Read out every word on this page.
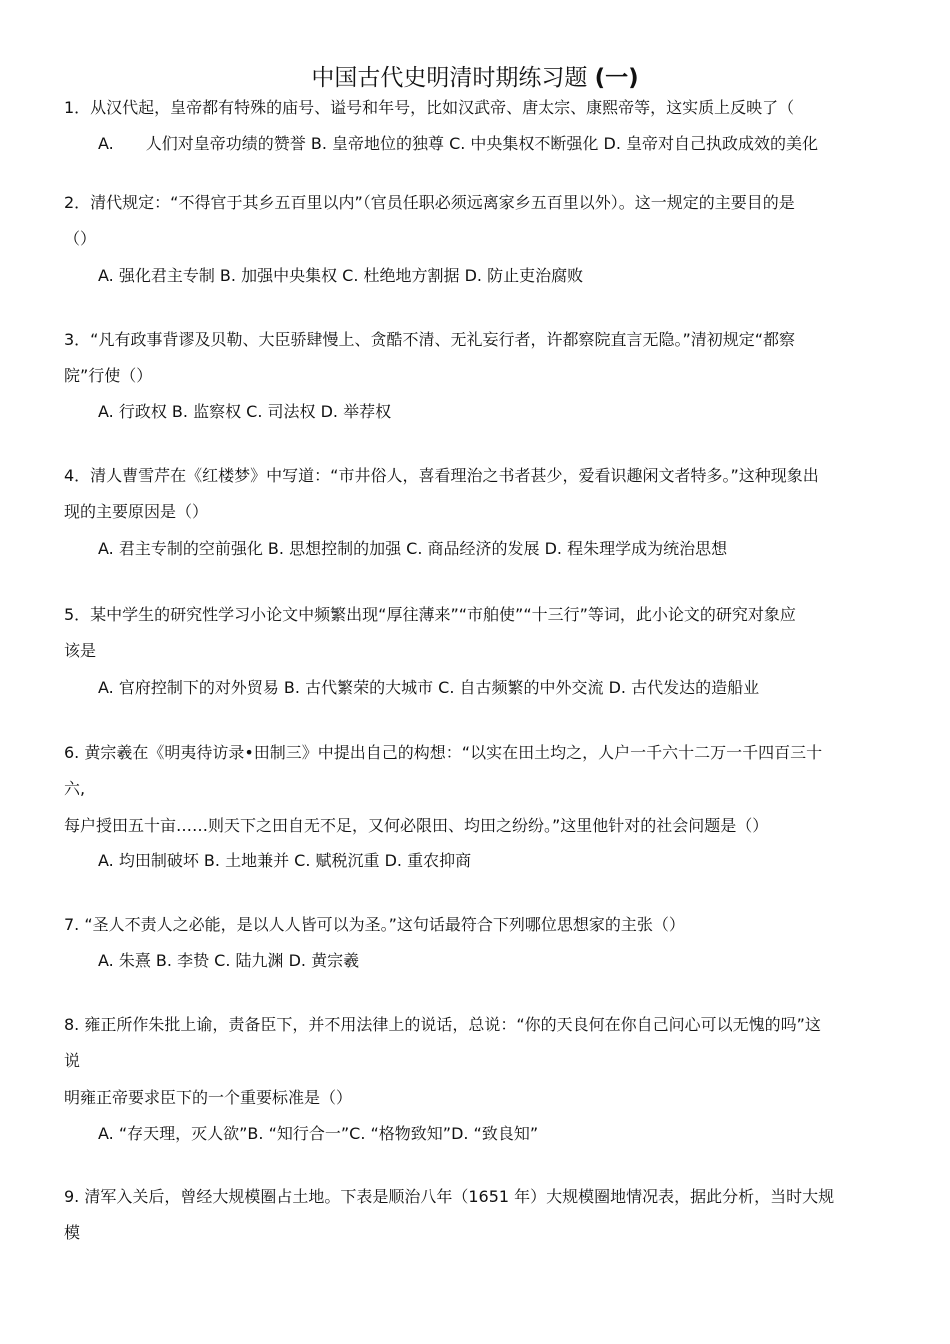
中国古代史明清时期练习题 (一)
1．从汉代起，皇帝都有特殊的庙号、谥号和年号，比如汉武帝、唐太宗、康熙帝等，这实质上反映了（
A.　　人们对皇帝功绩的赞誉 B. 皇帝地位的独尊 C. 中央集权不断强化 D. 皇帝对自己执政成效的美化
2．清代规定：“不得官于其乡五百里以内”（官员任职必须远离家乡五百里以外）。这一规定的主要目的是
（）
A. 强化君主专制 B. 加强中央集权 C. 杜绝地方割据 D. 防止吏治腐败
3．“凡有政事背谬及贝勒、大臣骄肆慢上、贪酷不清、无礼妄行者，许都察院直言无隐。”清初规定“都察
院”行使（）
A. 行政权 B. 监察权 C. 司法权 D. 举荐权
4．清人曹雪芹在《红楼梦》中写道：“市井俗人，喜看理治之书者甚少，爱看识趣闲文者特多。”这种现象出
现的主要原因是（）
A. 君主专制的空前强化 B. 思想控制的加强 C. 商品经济的发展 D. 程朱理学成为统治思想
5．某中学生的研究性学习小论文中频繁出现“厚往薄来”“市舶使”“十三行”等词，此小论文的研究对象应
该是
A. 官府控制下的对外贸易 B. 古代繁荣的大城市 C. 自古频繁的中外交流 D. 古代发达的造船业
6. 黄宗羲在《明夷待访录•田制三》中提出自己的构想：“以实在田土均之，人户一千六十二万一千四百三十
六,
每户授田五十亩……则天下之田自无不足，又何必限田、均田之纷纷。”这里他针对的社会问题是（）
A. 均田制破坏 B. 土地兼并 C. 赋税沉重 D. 重农抑商
7. “圣人不责人之必能，是以人人皆可以为圣。”这句话最符合下列哪位思想家的主张（）
A. 朱熹 B. 李贽 C. 陆九渊 D. 黄宗羲
8. 雍正所作朱批上谕，责备臣下，并不用法律上的说话，总说：“你的天良何在你自己问心可以无愧的吗”这
说
明雍正帝要求臣下的一个重要标准是（）
A. “存天理，灭人欲”B. “知行合一”C. “格物致知”D. “致良知”
9. 清军入关后，曾经大规模圈占土地。下表是顺治八年（1651 年）大规模圈地情况表，据此分析，当时大规
模
